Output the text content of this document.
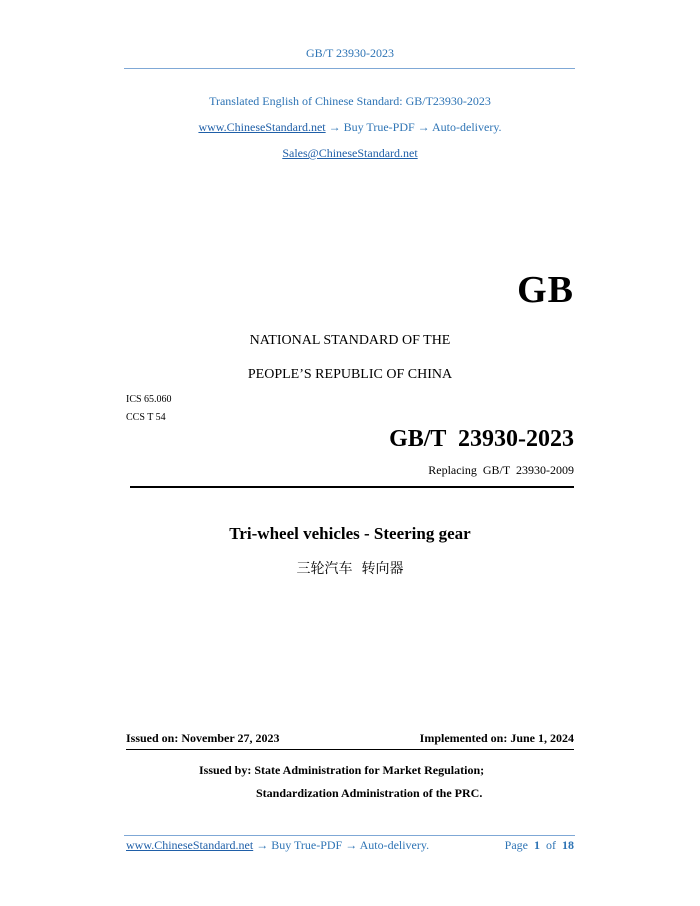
GB/T 23930-2023
Translated English of Chinese Standard: GB/T23930-2023
www.ChineseStandard.net → Buy True-PDF → Auto-delivery.
Sales@ChineseStandard.net
GB
NATIONAL STANDARD OF THE
PEOPLE’S REPUBLIC OF CHINA
ICS 65.060
CCS T 54
GB/T  23930-2023
Replacing  GB/T  23930-2009
Tri-wheel vehicles - Steering gear
三轮汽车  转向器
Issued on: November 27, 2023	Implemented on: June 1, 2024
Issued by: State Administration for Market Regulation;
Standardization Administration of the PRC.
www.ChineseStandard.net → Buy True-PDF → Auto-delivery.	Page 1 of 18
